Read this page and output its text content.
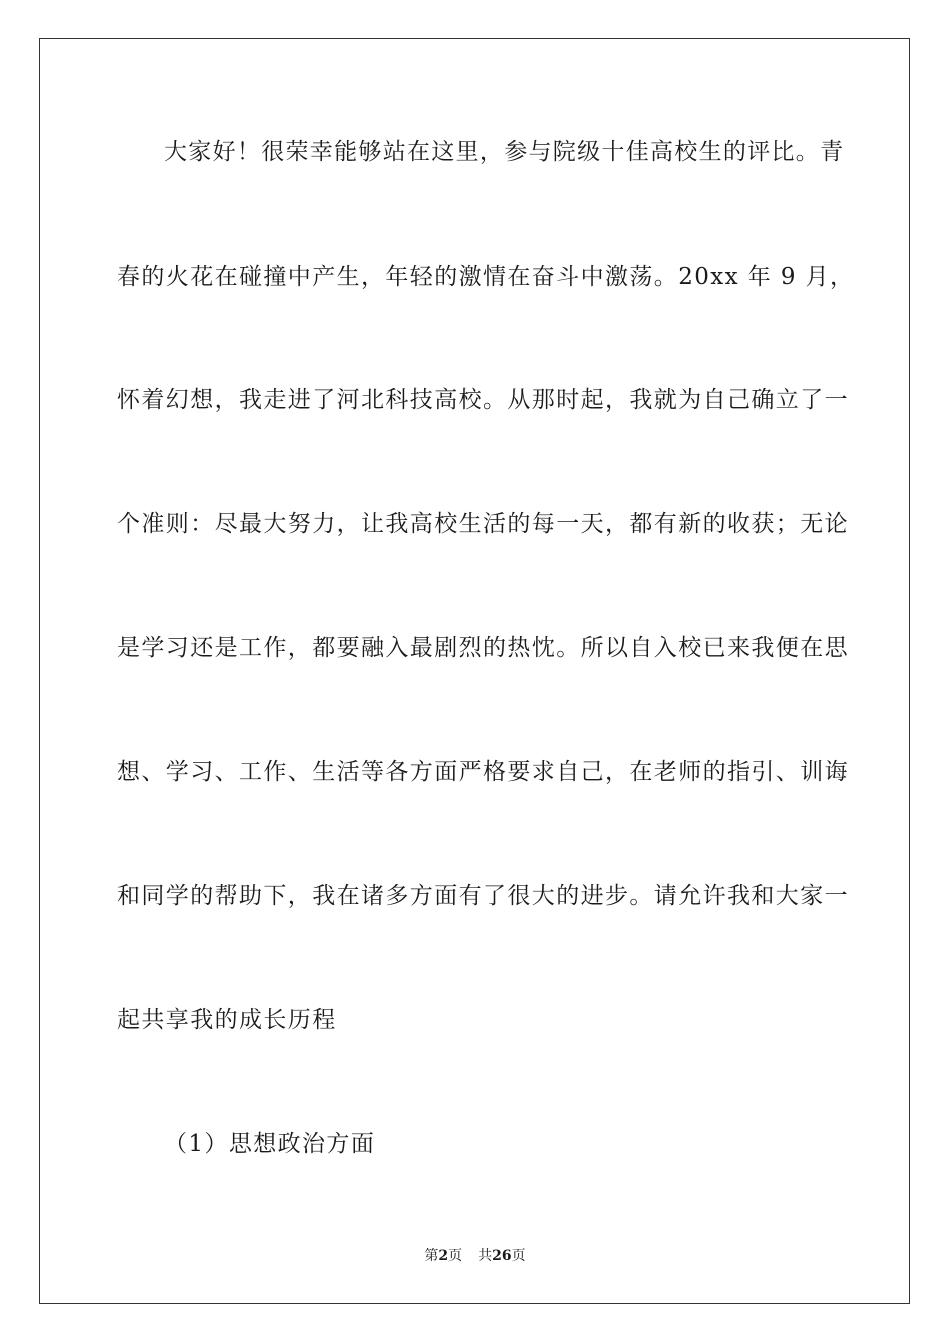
大家好！很荣幸能够站在这里，参与院级十佳高校生的评比。青
春的火花在碰撞中产生，年轻的激情在奋斗中激荡。20xx 年 9 月，
怀着幻想，我走进了河北科技高校。从那时起，我就为自己确立了一
个准则：尽最大努力，让我高校生活的每一天，都有新的收获；无论
是学习还是工作，都要融入最剧烈的热忱。所以自入校已来我便在思
想、学习、工作、生活等各方面严格要求自己，在老师的指引、训诲
和同学的帮助下，我在诸多方面有了很大的进步。请允许我和大家一
起共享我的成长历程
（1）思想政治方面
第2页 共26页
